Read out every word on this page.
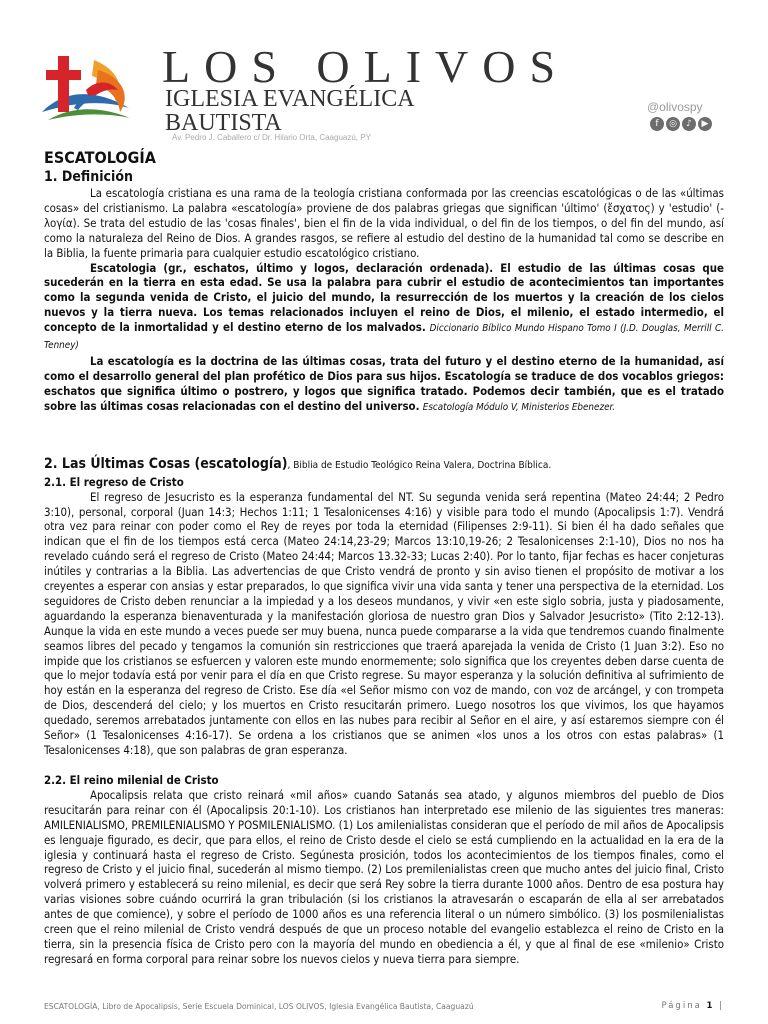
LOS OLIVOS
IGLESIA EVANGÉLICA
BAUTISTA
@olivospy
f	◎	♪	▶
Av. Pedro J. Caballero c/ Dr. Hilario Orta, Caaguazú, PY
ESCATOLOGÍA
1. Definición

La escatología cristiana es una rama de la teología cristiana conformada por las creencias escatológicas o de las «últimas cosas» del cristianismo. La palabra «escatología» proviene de dos palabras griegas que significan 'último' (ἔσχατος) y 'estudio' (-λογία). Se trata del estudio de las 'cosas finales', bien el fin de la vida individual, o del fin de los tiempos, o del fin del mundo, así como la naturaleza del Reino de Dios. A grandes rasgos, se refiere al estudio del destino de la humanidad tal como se describe en la Biblia, la fuente primaria para cualquier estudio escatológico cristiano.

Escatologia (gr., eschatos, último y logos, declaración ordenada). El estudio de las últimas cosas que sucederán en la tierra en esta edad. Se usa la palabra para cubrir el estudio de acontecimientos tan importantes como la segunda venida de Cristo, el juicio del mundo, la resurrección de los muertos y la creación de los cielos nuevos y la tierra nueva. Los temas relacionados incluyen el reino de Dios, el milenio, el estado intermedio, el concepto de la inmortalidad y el destino eterno de los malvados. Diccionario Bíblico Mundo Hispano Tomo I (J.D. Douglas, Merrill C. Tenney)

La escatología es la doctrina de las últimas cosas, trata del futuro y el destino eterno de la humanidad, así como el desarrollo general del plan profético de Dios para sus hijos. Escatología se traduce de dos vocablos griegos: eschatos que significa último o postrero, y logos que significa tratado. Podemos decir también, que es el tratado sobre las últimas cosas relacionadas con el destino del universo. Escatología Módulo V, Ministerios Ebenezer.

2. Las Últimas Cosas (escatología), Biblia de Estudio Teológico Reina Valera, Doctrina Bíblica.
2.1. El regreso de Cristo

El regreso de Jesucristo es la esperanza fundamental del NT. Su segunda venida será repentina (Mateo 24:44; 2 Pedro 3:10), personal, corporal (Juan 14:3; Hechos 1:11; 1 Tesalonicenses 4:16) y visible para todo el mundo (Apocalipsis 1:7). Vendrá otra vez para reinar con poder como el Rey de reyes por toda la eternidad (Filipenses 2:9-11). Si bien él ha dado señales que indican que el fin de los tiempos está cerca (Mateo 24:14,23-29; Marcos 13:10,19-26; 2 Tesalonicenses 2:1-10), Dios no nos ha revelado cuándo será el regreso de Cristo (Mateo 24:44; Marcos 13.32-33; Lucas 2:40). Por lo tanto, fijar fechas es hacer conjeturas inútiles y contrarias a la Biblia. Las advertencias de que Cristo vendrá de pronto y sin aviso tienen el propósito de motivar a los creyentes a esperar con ansias y estar preparados, lo que significa vivir una vida santa y tener una perspectiva de la eternidad. Los seguidores de Cristo deben renunciar a la impiedad y a los deseos mundanos, y vivir «en este siglo sobria, justa y piadosamente, aguardando la esperanza bienaventurada y la manifestación gloriosa de nuestro gran Dios y Salvador Jesucristo» (Tito 2:12-13). Aunque la vida en este mundo a veces puede ser muy buena, nunca puede compararse a la vida que tendremos cuando finalmente seamos libres del pecado y tengamos la comunión sin restricciones que traerá aparejada la venida de Cristo (1 Juan 3:2). Eso no impide que los cristianos se esfuercen y valoren este mundo enormemente; solo significa que los creyentes deben darse cuenta de que lo mejor todavía está por venir para el día en que Cristo regrese. Su mayor esperanza y la solución definitiva al sufrimiento de hoy están en la esperanza del regreso de Cristo. Ese día «el Señor mismo con voz de mando, con voz de arcángel, y con trompeta de Dios, descenderá del cielo; y los muertos en Cristo resucitarán primero. Luego nosotros los que vivimos, los que hayamos quedado, seremos arrebatados juntamente con ellos en las nubes para recibir al Señor en el aire, y así estaremos siempre con él Señor» (1 Tesalonicenses 4:16-17). Se ordena a los cristianos que se animen «los unos a los otros con estas palabras» (1 Tesalonicenses 4:18), que son palabras de gran esperanza.

2.2. El reino milenial de Cristo

Apocalipsis relata que cristo reinará «mil años» cuando Satanás sea atado, y algunos miembros del pueblo de Dios resucitarán para reinar con él (Apocalipsis 20:1-10). Los cristianos han interpretado ese milenio de las siguientes tres maneras: AMILENIALISMO, PREMILENIALISMO Y POSMILENIALISMO. (1) Los amilenialistas consideran que el período de mil años de Apocalipsis es lenguaje figurado, es decir, que para ellos, el reino de Cristo desde el cielo se está cumpliendo en la actualidad en la era de la iglesia y continuará hasta el regreso de Cristo. Segúnesta prosición, todos los acontecimientos de los tiempos finales, como el regreso de Cristo y el juicio final, sucederán al mismo tiempo. (2) Los premilenialistas creen que mucho antes del juicio final, Cristo volverá primero y establecerá su reino milenial, es decir que será Rey sobre la tierra durante 1000 años. Dentro de esa postura hay varias visiones sobre cuándo ocurrirá la gran tribulación (si los cristianos la atravesarán o escaparán de ella al ser arrebatados antes de que comience), y sobre el período de 1000 años es una referencia literal o un número simbólico. (3) los posmilenialistas creen que el reino milenial de Cristo vendrá después de que un proceso notable del evangelio establezca el reino de Cristo en la tierra, sin la presencia física de Cristo pero con la mayoría del mundo en obediencia a él, y que al final de ese «milenio» Cristo regresará en forma corporal para reinar sobre los nuevos cielos y nueva tierra para siempre.

ESCATOLOGÍA, Libro de Apocalipsis, Serie Escuela Dominical, LOS OLIVOS, Iglesia Evangélica Bautista, Caaguazú	Página 1 |
